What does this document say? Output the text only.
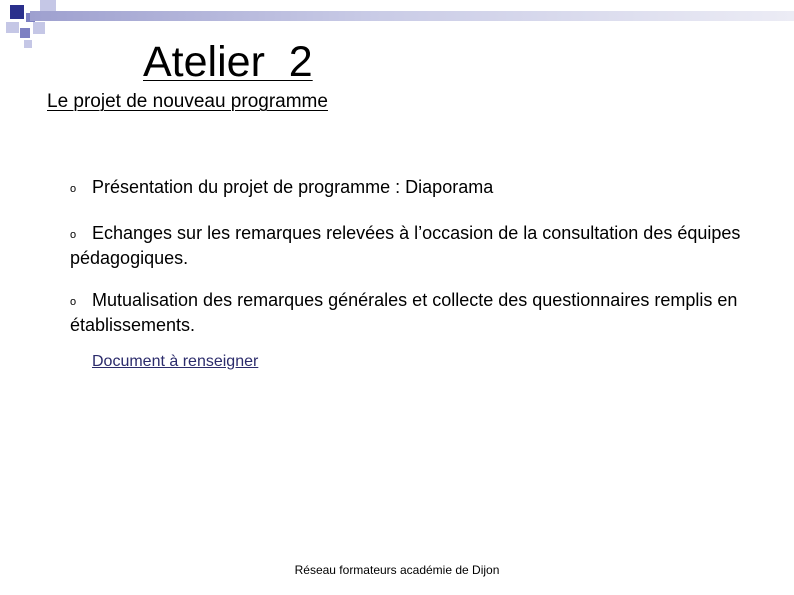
Atelier  2
Le projet de nouveau programme
o Présentation du projet de programme : Diaporama
o Echanges sur les remarques relevées à l’occasion de la consultation des équipes pédagogiques.
o Mutualisation des remarques générales et collecte des questionnaires remplis en établissements.
Document à renseigner
Réseau formateurs académie de Dijon
